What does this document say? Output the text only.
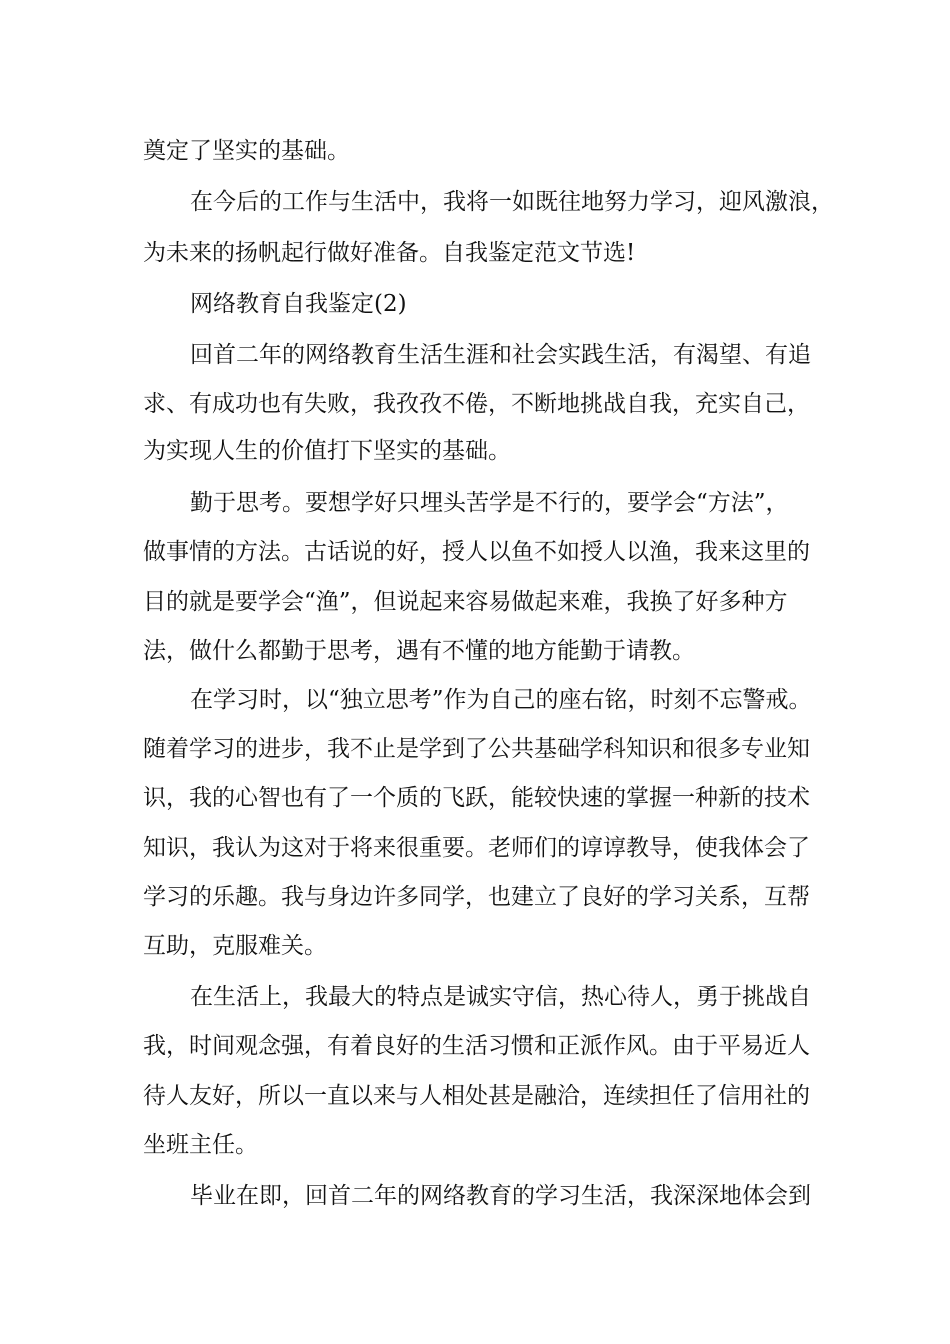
奠定了坚实的基础。
在今后的工作与生活中，我将一如既往地努力学习，迎风激浪，
为未来的扬帆起行做好准备。自我鉴定范文节选!
网络教育自我鉴定(2)
回首二年的网络教育生活生涯和社会实践生活，有渴望、有追
求、有成功也有失败，我孜孜不倦，不断地挑战自我，充实自己，
为实现人生的价值打下坚实的基础。
勤于思考。要想学好只埋头苦学是不行的，要学会“方法”，
做事情的方法。古话说的好，授人以鱼不如授人以渔，我来这里的
目的就是要学会“渔”，但说起来容易做起来难，我换了好多种方
法，做什么都勤于思考，遇有不懂的地方能勤于请教。
在学习时，以“独立思考”作为自己的座右铭，时刻不忘警戒。
随着学习的进步，我不止是学到了公共基础学科知识和很多专业知
识，我的心智也有了一个质的飞跃，能较快速的掌握一种新的技术
知识，我认为这对于将来很重要。老师们的谆谆教导，使我体会了
学习的乐趣。我与身边许多同学，也建立了良好的学习关系，互帮
互助，克服难关。
在生活上，我最大的特点是诚实守信，热心待人，勇于挑战自
我，时间观念强，有着良好的生活习惯和正派作风。由于平易近人
待人友好，所以一直以来与人相处甚是融洽，连续担任了信用社的
坐班主任。
毕业在即，回首二年的网络教育的学习生活，我深深地体会到
